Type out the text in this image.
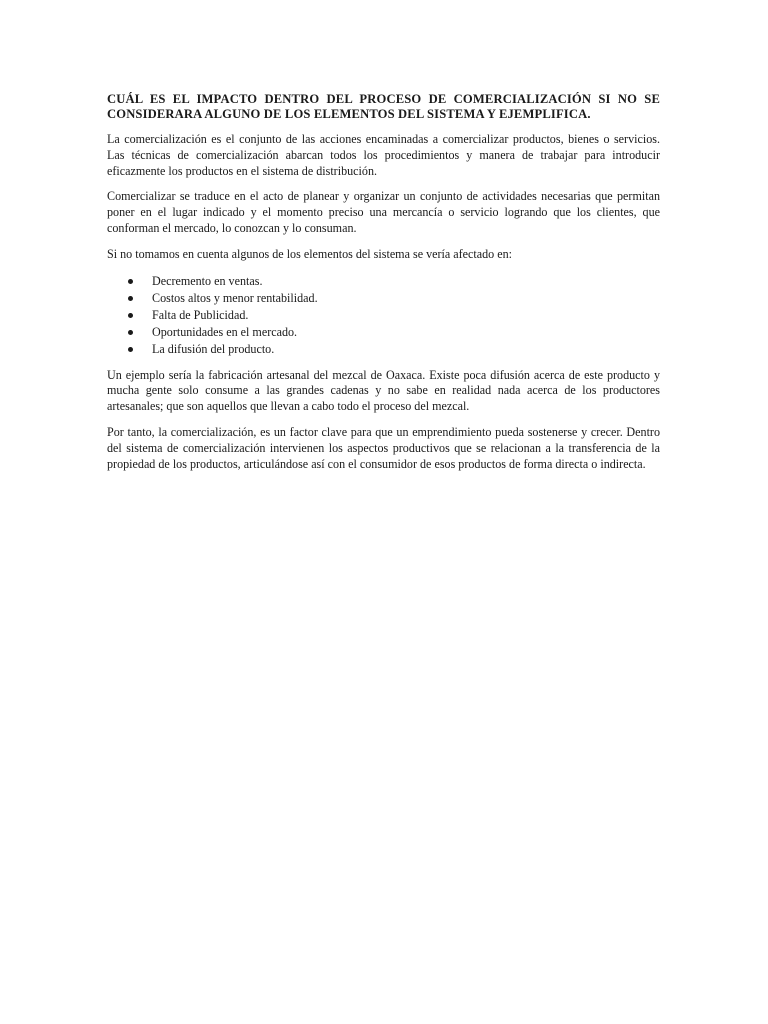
CUÁL ES EL IMPACTO DENTRO DEL PROCESO DE COMERCIALIZACIÓN SI NO SE CONSIDERARA ALGUNO DE LOS ELEMENTOS DEL SISTEMA Y EJEMPLIFICA.

La comercialización es el conjunto de las acciones encaminadas a comercializar productos, bienes o servicios. Las técnicas de comercialización abarcan todos los procedimientos y manera de trabajar para introducir eficazmente los productos en el sistema de distribución.

Comercializar se traduce en el acto de planear y organizar un conjunto de actividades necesarias que permitan poner en el lugar indicado y el momento preciso una mercancía o servicio logrando que los clientes, que conforman el mercado, lo conozcan y lo consuman.

Si no tomamos en cuenta algunos de los elementos del sistema se vería afectado en:

Decremento en ventas.
Costos altos y menor rentabilidad.
Falta de Publicidad.
Oportunidades en el mercado.
La difusión del producto.

Un ejemplo sería la fabricación artesanal del mezcal de Oaxaca. Existe poca difusión acerca de este producto y mucha gente solo consume a las grandes cadenas y no sabe en realidad nada acerca de los productores artesanales; que son aquellos que llevan a cabo todo el proceso del mezcal.

Por tanto, la comercialización, es un factor clave para que un emprendimiento pueda sostenerse y crecer. Dentro del sistema de comercialización intervienen los aspectos productivos que se relacionan a la transferencia de la propiedad de los productos, articulándose así con el consumidor de esos productos de forma directa o indirecta.
